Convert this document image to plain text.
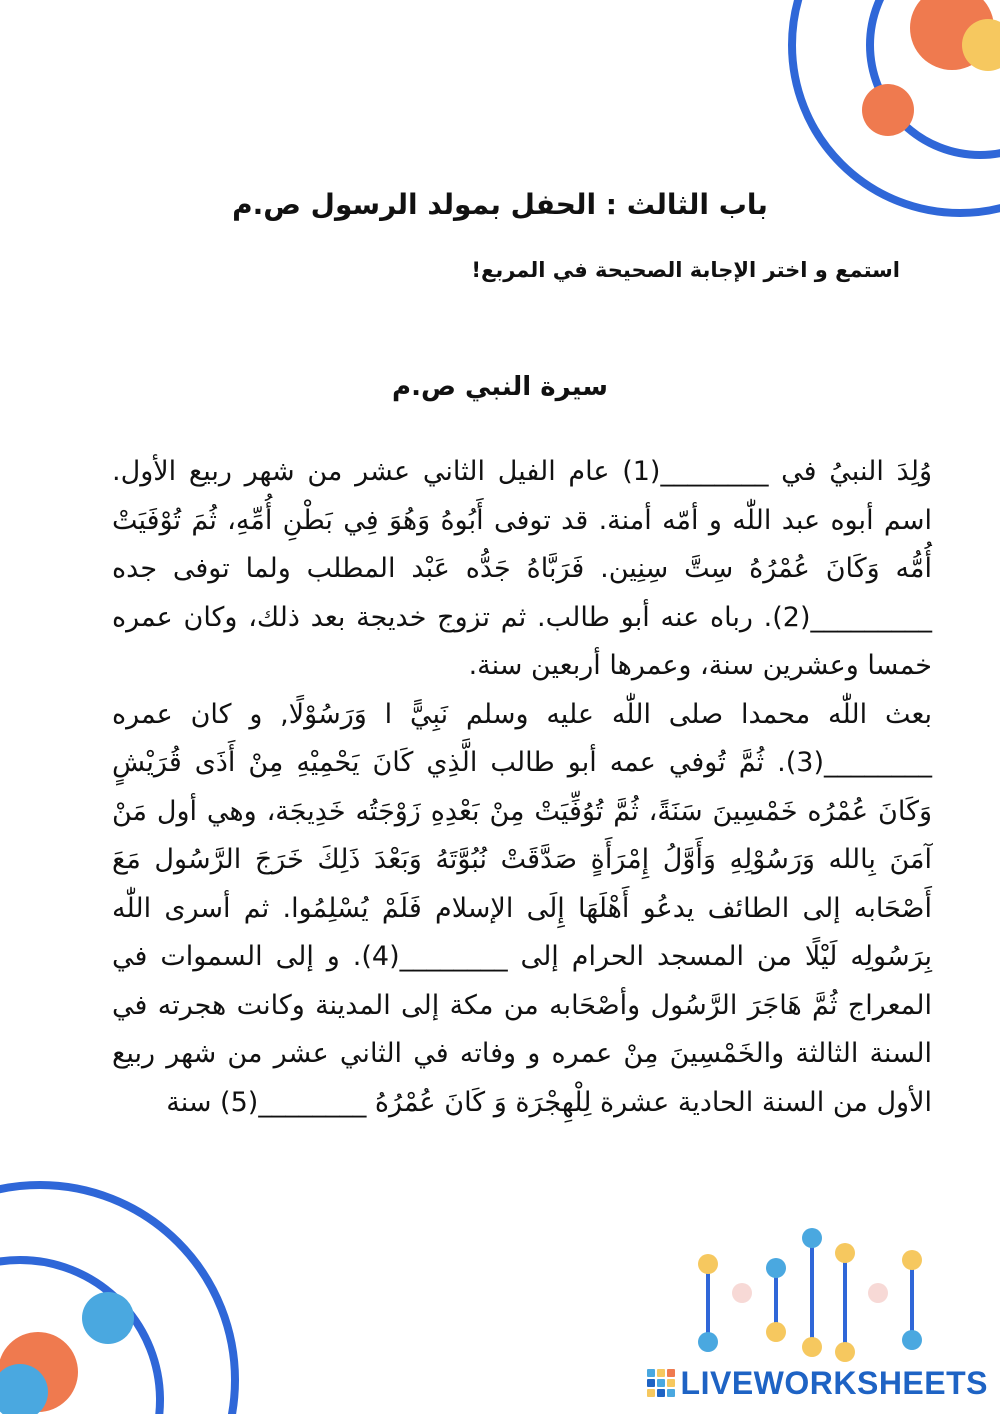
باب الثالث : الحفل بمولد الرسول ص.م
استمع و اختر الإجابة الصحيحة في المربع!
سيرة النبي ص.م

وُلِدَ النبيُ في ________(1) عام الفيل الثاني عشر من شهر ربيع الأول. اسم أبوه عبد اللّٰه و أمّه أمنة. قد توفى أَبُوهُ وَهُوَ فِي بَطْنِ أُمِّهِ، ثُمَ تُوْفَيَتْ أُمُّه وَكَانَ عُمْرُهُ سِتَّ سِنِين. فَرَبَّاهُ جَدُّه عَبْد المطلب ولما توفى جده _________(2). رباه عنه أبو طالب. ثم تزوج خديجة بعد ذلك، وكان عمره خمسا وعشرين سنة، وعمرها أربعين سنة.

بعث اللّٰه محمدا صلى اللّٰه عليه وسلم نَبِيًّ ا وَرَسُوْلًا, و كان عمره ________(3). ثُمَّ تُوفي عمه أبو طالب الَّذِي كَانَ يَحْمِيْهِ مِنْ أَذَى قُرَيْشٍ وَكَانَ عُمْرُه خَمْسِينَ سَنَةً، ثُمَّ تُوُفِّيَتْ مِنْ بَعْدِهِ زَوْجَتُه خَدِيجَة، وهي أول مَنْ آمَنَ بِالله وَرَسُوْلِهِ وَأَوَّلُ إِمْرَأَةٍ صَدَّقَتْ نُبُوَّتَهُ وَبَعْدَ ذَلِكَ خَرَجَ الرَّسُول مَعَ أَصْحَابه إلى الطائف يدعُو أَهْلَهَا إِلَى الإسلام فَلَمْ يُسْلِمُوا. ثم أسرى اللّٰه بِرَسُولِه لَيْلًا من المسجد الحرام إلى ________(4). و إلى السموات في المعراج ثُمَّ هَاجَرَ الرَّسُول وأصْحَابه من مكة إلى المدينة وكانت هجرته في السنة الثالثة والخَمْسِينَ مِنْ عمره و وفاته في الثاني عشر من شهر ربيع الأول من السنة الحادية عشرة لِلْهِجْرَة وَ كَانَ عُمْرُهُ ________(5) سنة

LIVEWORKSHEETS
